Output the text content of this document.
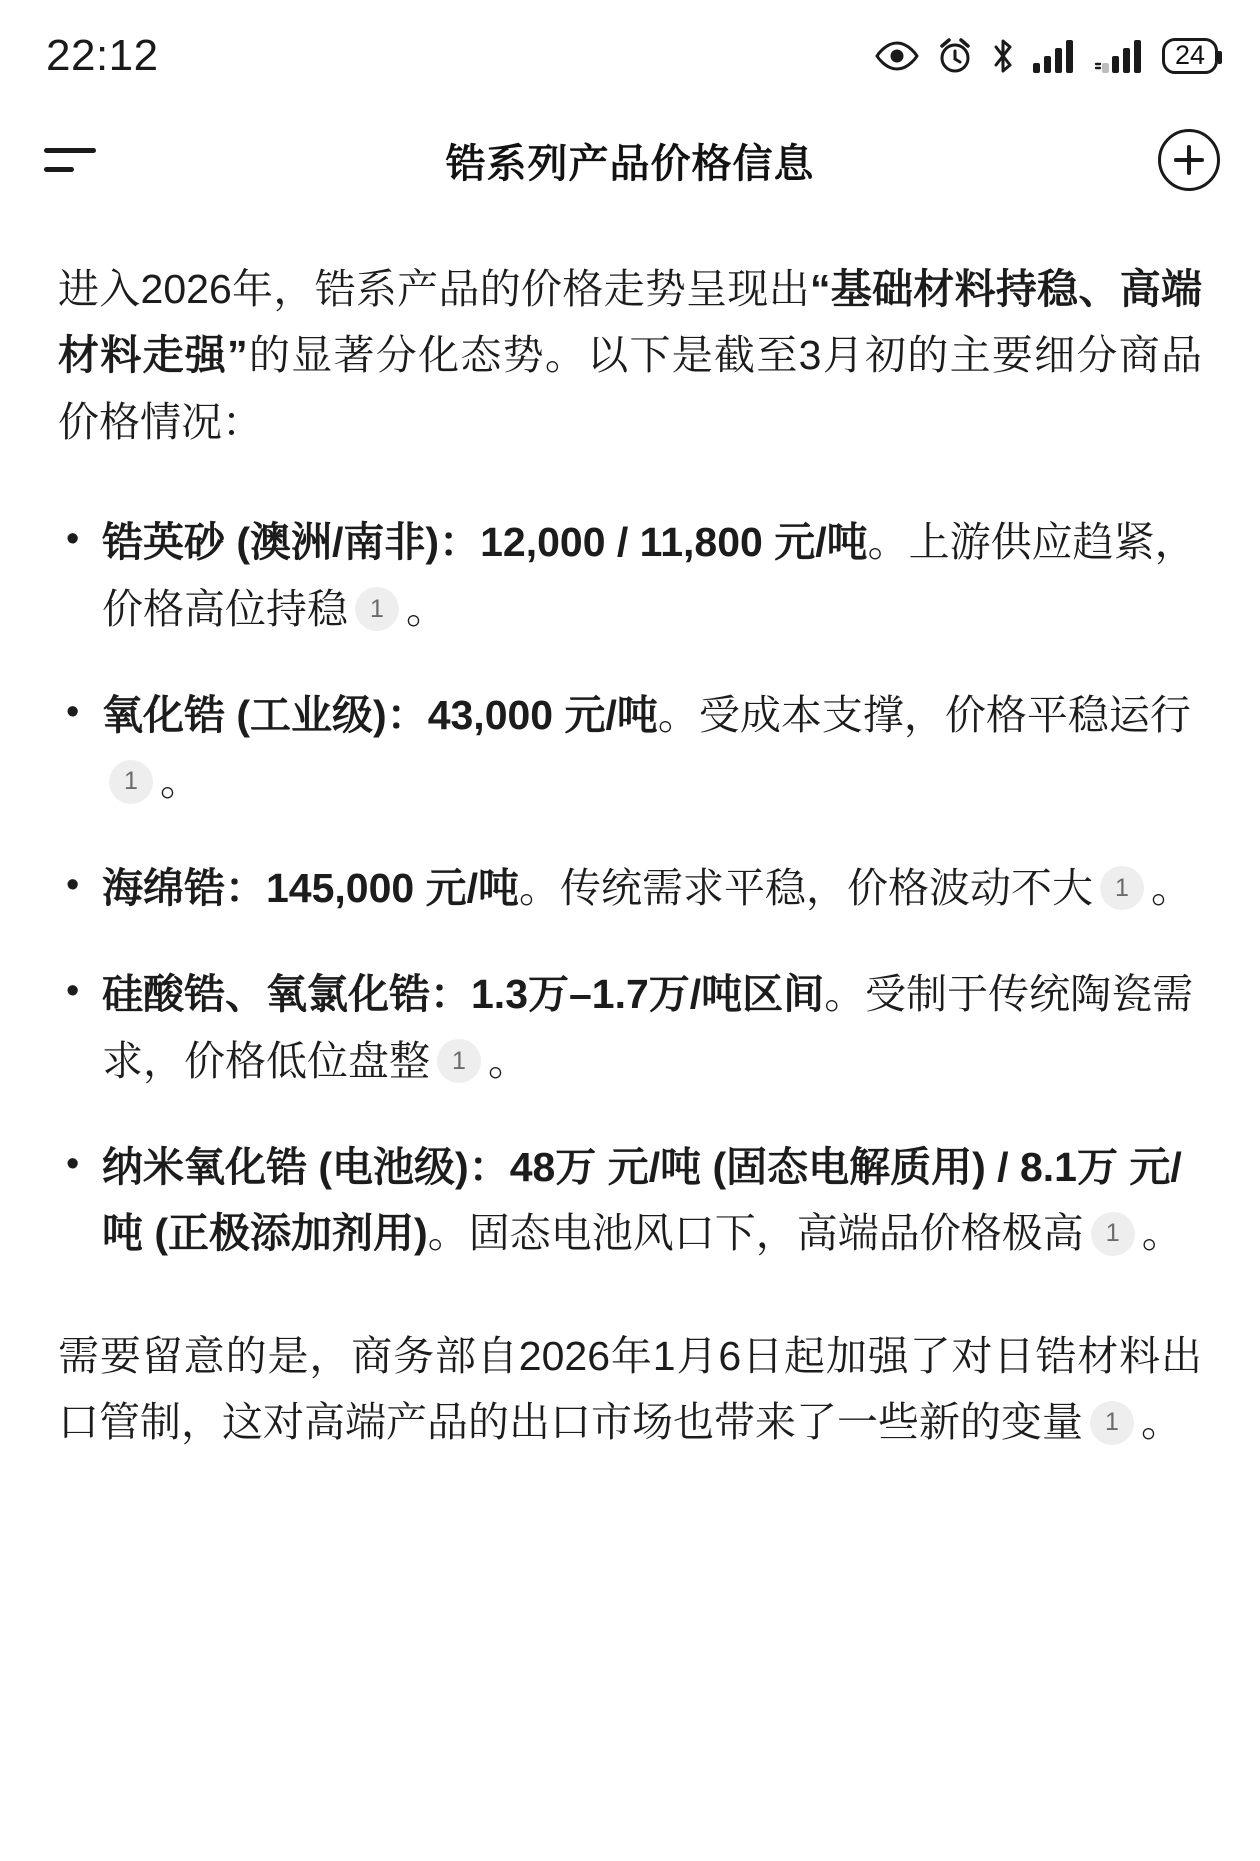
22:12	24
锆系列产品价格信息

进入2026年，锆系产品的价格走势呈现出“基础材料持稳、高端材料走强”的显著分化态势。以下是截至3月初的主要细分商品价格情况：

• 锆英砂 (澳洲/南非)：12,000 / 11,800 元/吨。上游供应趋紧，价格高位持稳 1 。
• 氧化锆 (工业级)：43,000 元/吨。受成本支撑，价格平稳运行1 。
• 海绵锆：145,000 元/吨。传统需求平稳，价格波动不大 1 。
• 硅酸锆、氧氯化锆：1.3万–1.7万/吨区间。受制于传统陶瓷需求，价格低位盘整 1 。
• 纳米氧化锆 (电池级)：48万 元/吨 (固态电解质用) / 8.1万 元/吨 (正极添加剂用)。固态电池风口下，高端品价格极高 1 。

需要留意的是，商务部自2026年1月6日起加强了对日锆材料出口管制，这对高端产品的出口市场也带来了一些新的变量 1 。
